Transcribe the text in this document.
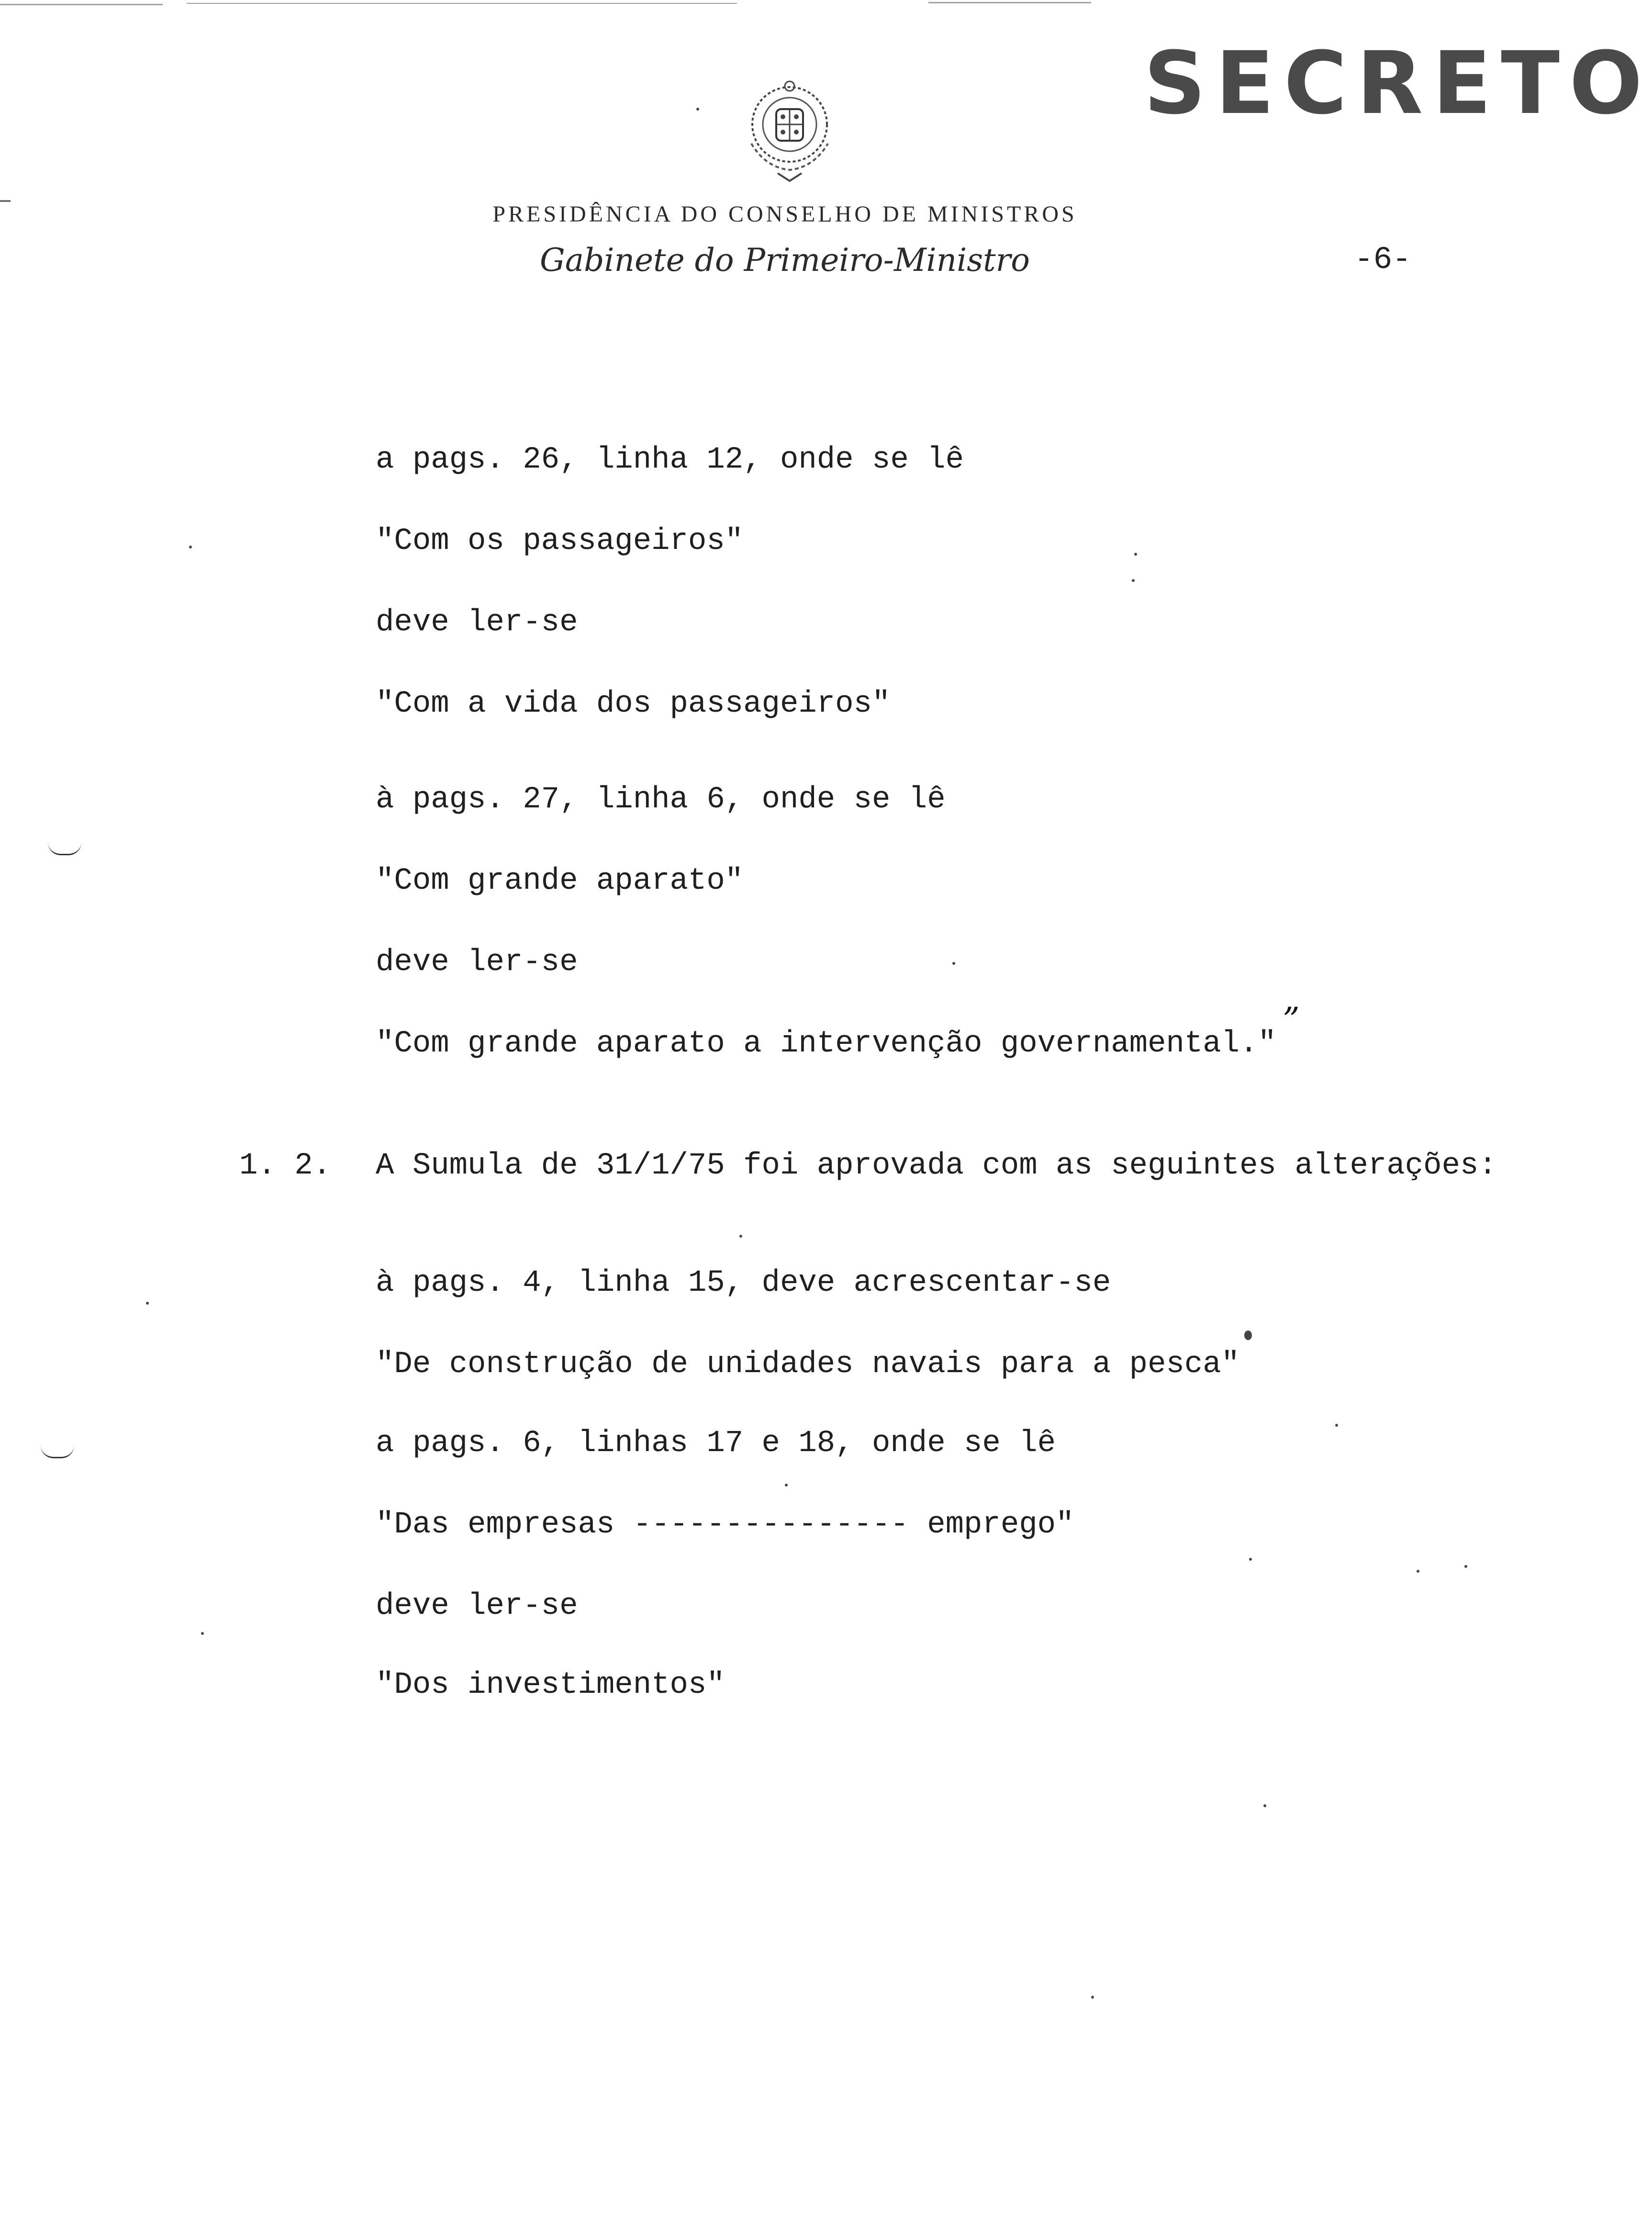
SECRETO
PRESIDÊNCIA DO CONSELHO DE MINISTROS
Gabinete do Primeiro-Ministro	-6-
a pags. 26, linha 12, onde se lê
"Com os passageiros"
deve ler-se
"Com a vida dos passageiros"
à pags. 27, linha 6, onde se lê
"Com grande aparato"
deve ler-se
"Com grande aparato a intervenção governamental."
”
1. 2. A Sumula de 31/1/75 foi aprovada com as seguintes alterações:
à pags. 4, linha 15, deve acrescentar-se
"De construção de unidades navais para a pesca"
a pags. 6, linhas 17 e 18, onde se lê
"Das empresas --------------- emprego"
deve ler-se
"Dos investimentos"
